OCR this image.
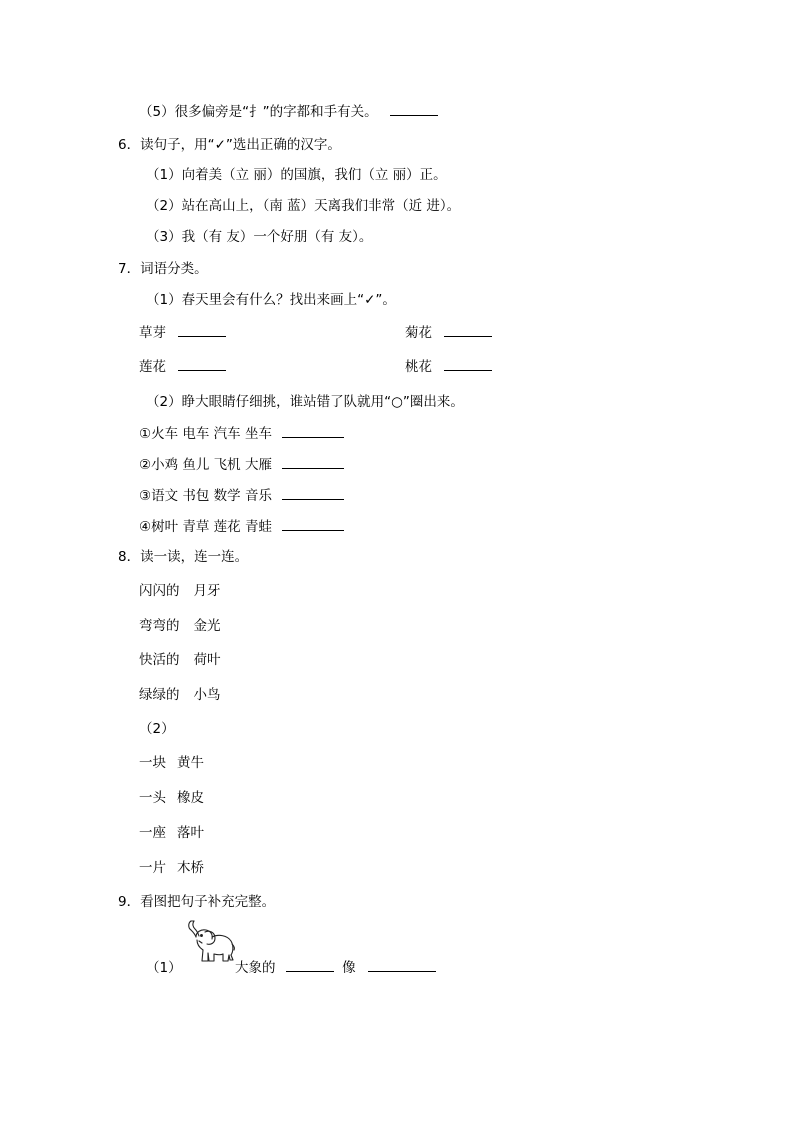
（5）很多偏旁是“扌”的字都和手有关。
6．读句子，用“✓”选出正确的汉字。
（1）向着美（立 丽）的国旗，我们（立 丽）正。
（2）站在高山上，（南 蓝）天离我们非常（近 进）。
（3）我（有 友）一个好朋（有 友）。
7．词语分类。
（1）春天里会有什么？找出来画上“✓”。
草芽	菊花
莲花	桃花
（2）睁大眼睛仔细挑，谁站错了队就用“○”圈出来。
①火车 电车 汽车 坐车
②小鸡 鱼儿 飞机 大雁
③语文 书包 数学 音乐
④树叶 青草 莲花 青蛙
8．读一读，连一连。
闪闪的 月牙
弯弯的 金光
快活的 荷叶
绿绿的 小鸟
（2）
一块 黄牛
一头 橡皮
一座 落叶
一片 木桥
9．看图把句子补充完整。
（1）	大象的	像
